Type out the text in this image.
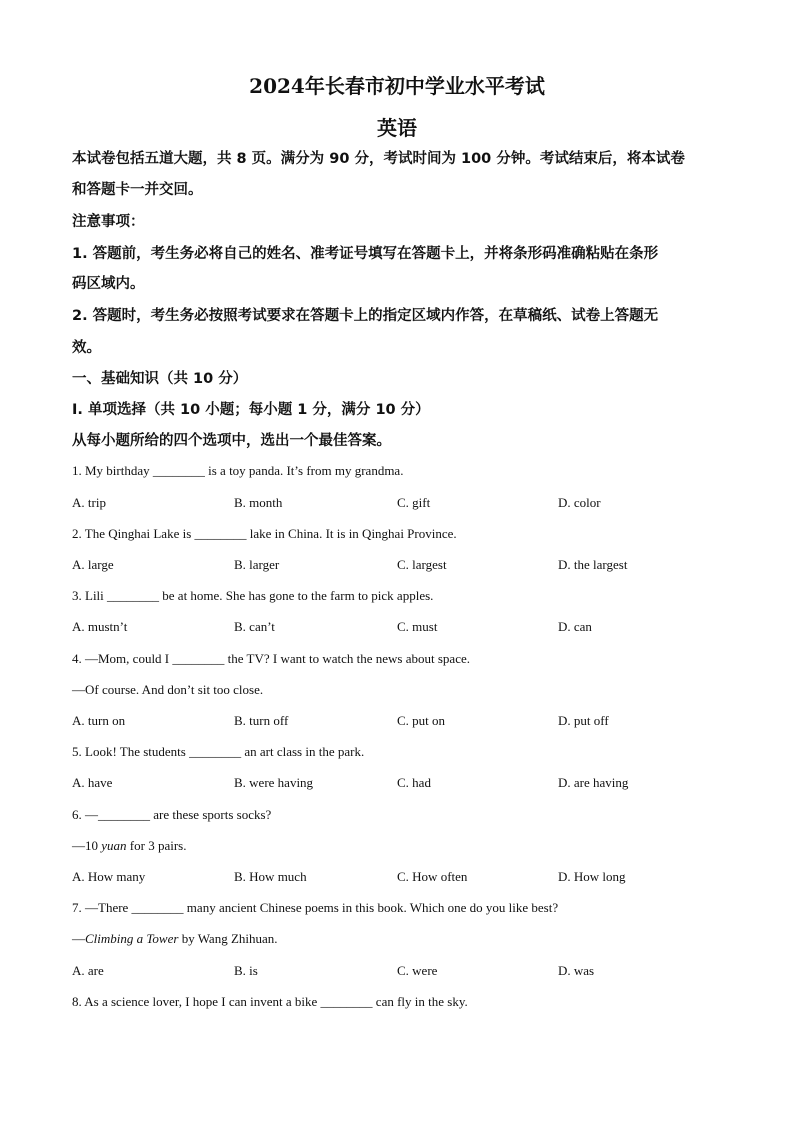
2024年长春市初中学业水平考试
英语
本试卷包括五道大题，共 8 页。满分为 90 分，考试时间为 100 分钟。考试结束后，将本试卷
和答题卡一并交回。
注意事项：
1. 答题前，考生务必将自己的姓名、准考证号填写在答题卡上，并将条形码准确粘贴在条形
码区域内。
2. 答题时，考生务必按照考试要求在答题卡上的指定区域内作答，在草稿纸、试卷上答题无
效。
一、基础知识（共 10 分）
Ⅰ. 单项选择（共 10 小题；每小题 1 分，满分 10 分）
从每小题所给的四个选项中，选出一个最佳答案。
1. My birthday ________ is a toy panda. It’s from my grandma.
A. trip	B. month	C. gift	D. color
2. The Qinghai Lake is ________ lake in China. It is in Qinghai Province.
A. large	B. larger	C. largest	D. the largest
3. Lili ________ be at home. She has gone to the farm to pick apples.
A. mustn’t	B. can’t	C. must	D. can
4. —Mom, could I ________ the TV? I want to watch the news about space.
—Of course. And don’t sit too close.
A. turn on	B. turn off	C. put on	D. put off
5. Look! The students ________ an art class in the park.
A. have	B. were having	C. had	D. are having
6. —________ are these sports socks?
—10 yuan for 3 pairs.
A. How many	B. How much	C. How often	D. How long
7. —There ________ many ancient Chinese poems in this book. Which one do you like best?
—Climbing a Tower by Wang Zhihuan.
A. are	B. is	C. were	D. was
8. As a science lover, I hope I can invent a bike ________ can fly in the sky.
